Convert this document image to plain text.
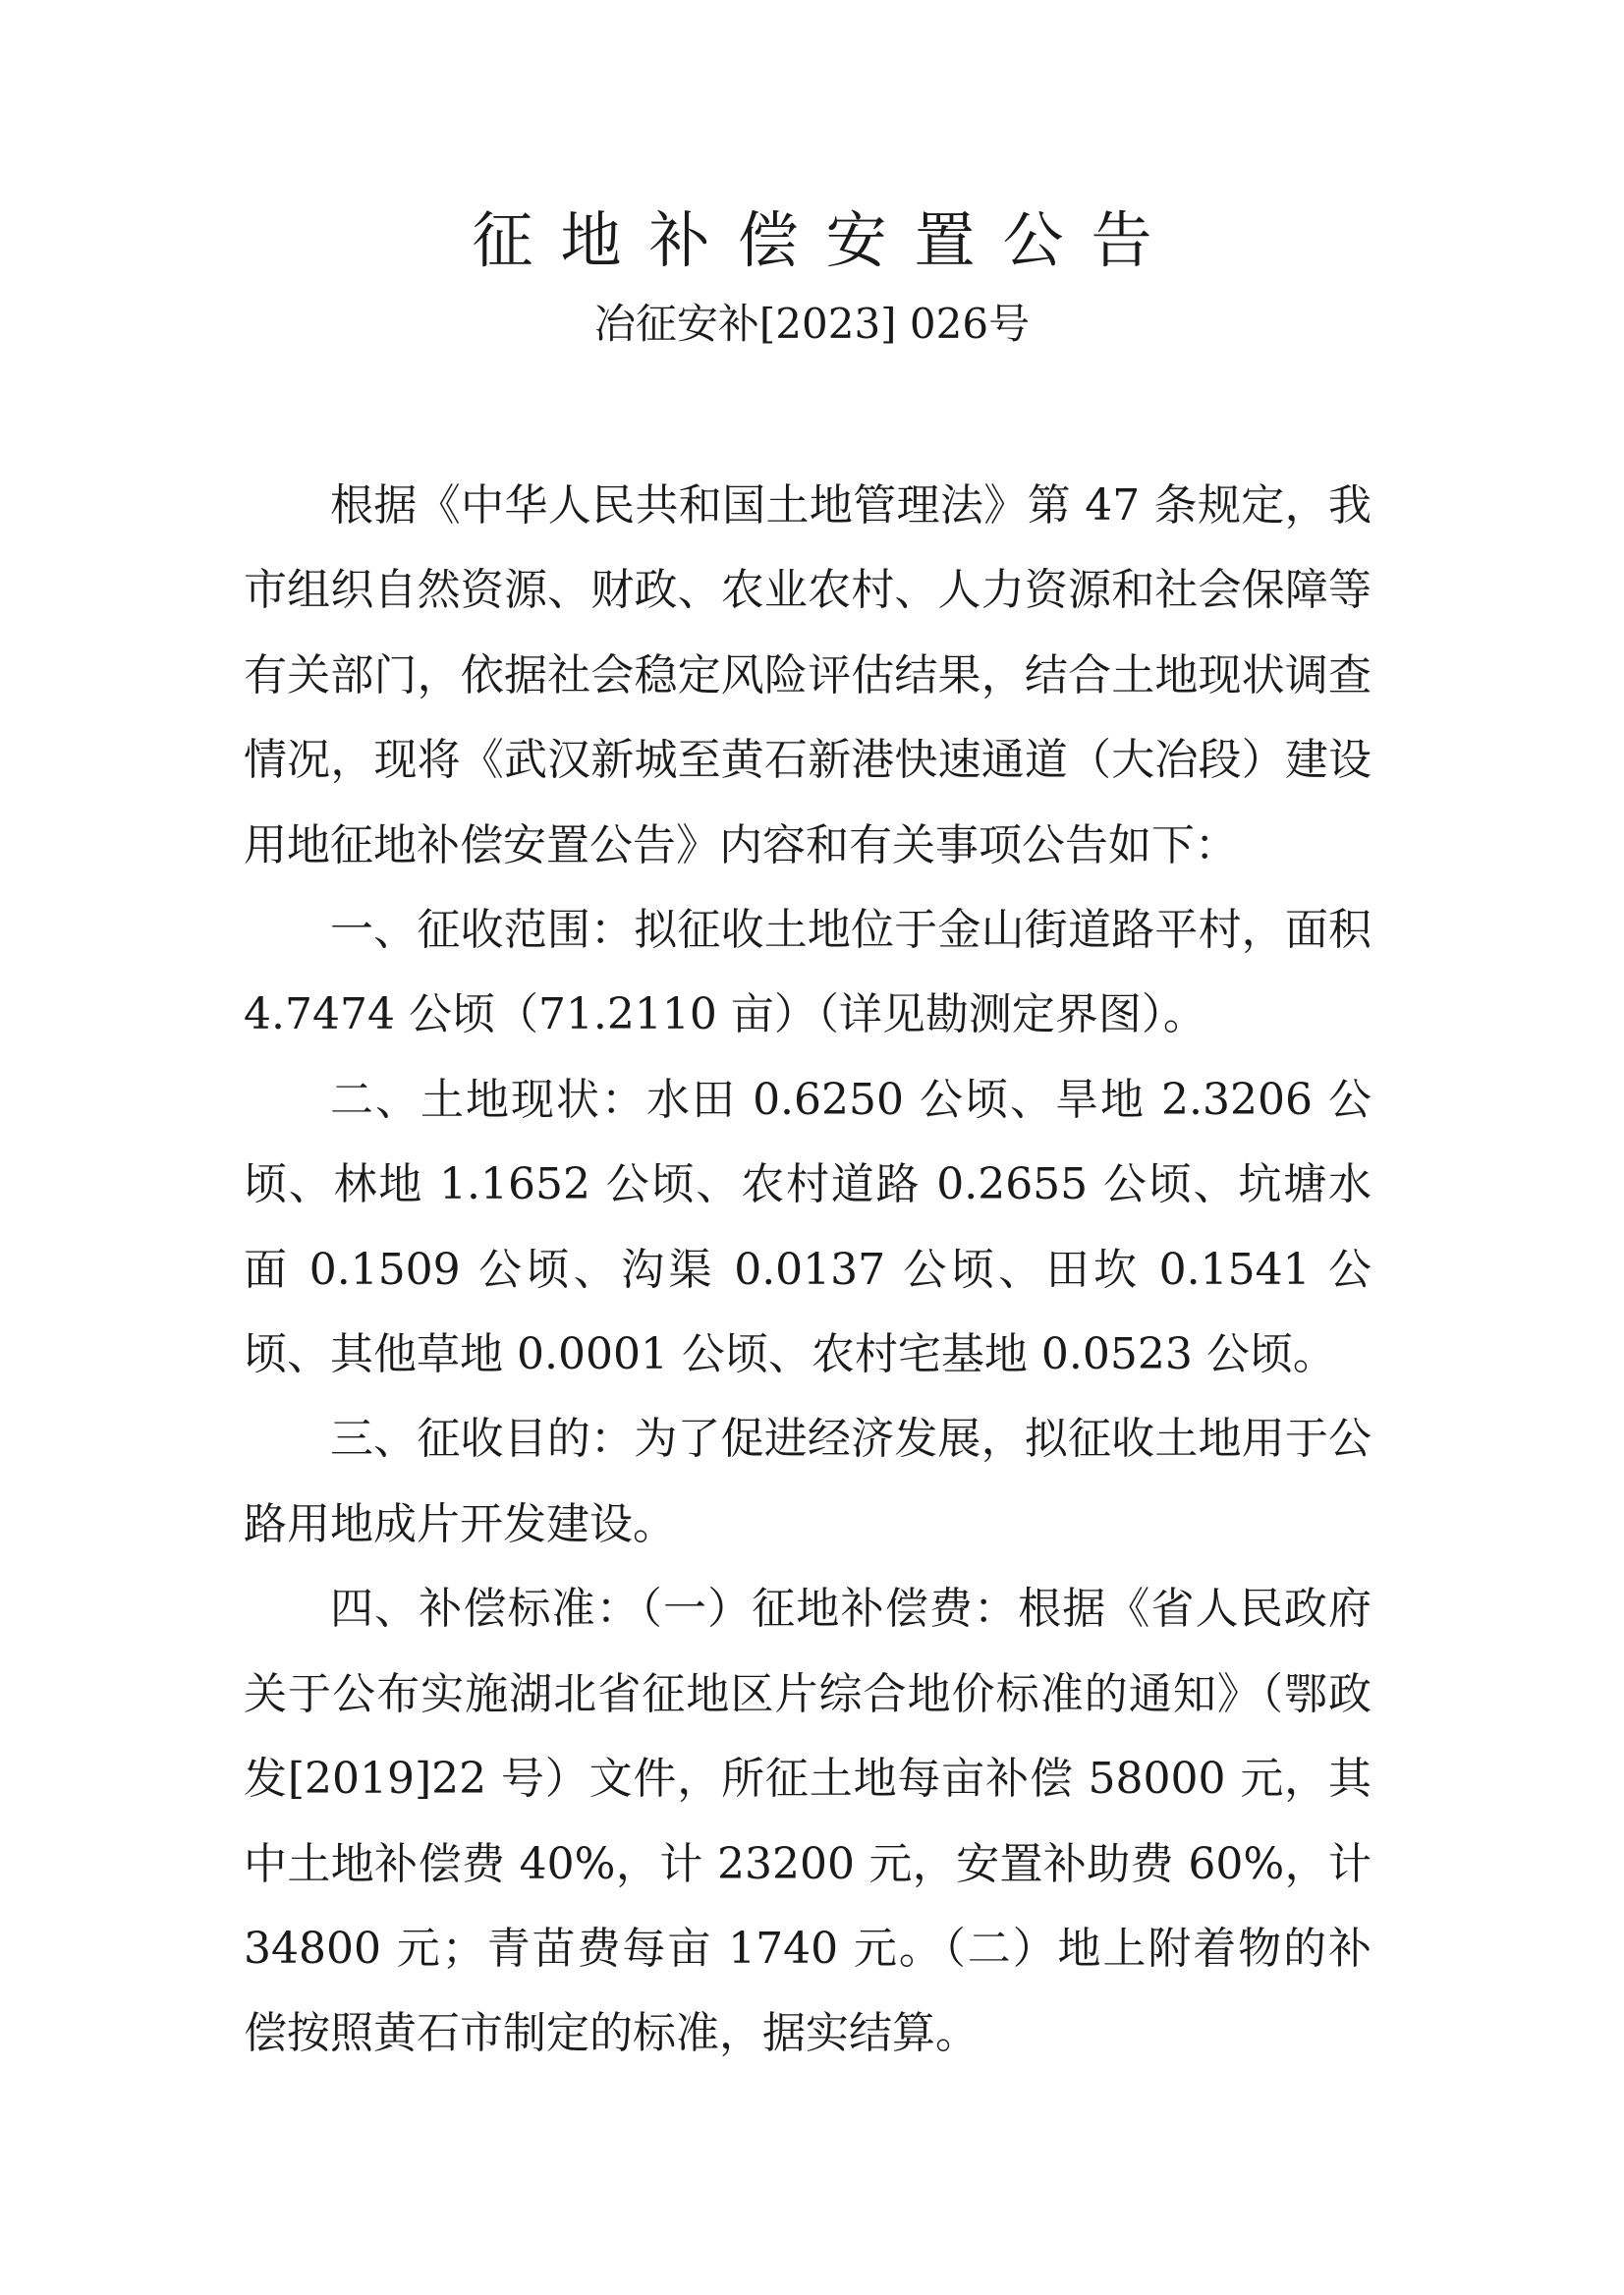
征地补偿安置公告
冶征安补[2023] 026号

根据《中华人民共和国土地管理法》第 47 条规定，我市组织自然资源、财政、农业农村、人力资源和社会保障等有关部门，依据社会稳定风险评估结果，结合土地现状调查情况，现将《武汉新城至黄石新港快速通道（大冶段）建设用地征地补偿安置公告》内容和有关事项公告如下：

一、征收范围：拟征收土地位于金山街道路平村，面积 4.7474 公顷（71.2110 亩）（详见勘测定界图）。

二、土地现状：水田 0.6250 公顷、旱地 2.3206 公顷、林地 1.1652 公顷、农村道路 0.2655 公顷、坑塘水面 0.1509 公顷、沟渠 0.0137 公顷、田坎 0.1541 公顷、其他草地 0.0001 公顷、农村宅基地 0.0523 公顷。

三、征收目的：为了促进经济发展，拟征收土地用于公路用地成片开发建设。

四、补偿标准：（一）征地补偿费：根据《省人民政府关于公布实施湖北省征地区片综合地价标准的通知》（鄂政发[2019]22 号）文件，所征土地每亩补偿 58000 元，其中土地补偿费 40%，计 23200 元，安置补助费 60%，计 34800 元；青苗费每亩 1740 元。（二）地上附着物的补偿按照黄石市制定的标准，据实结算。
